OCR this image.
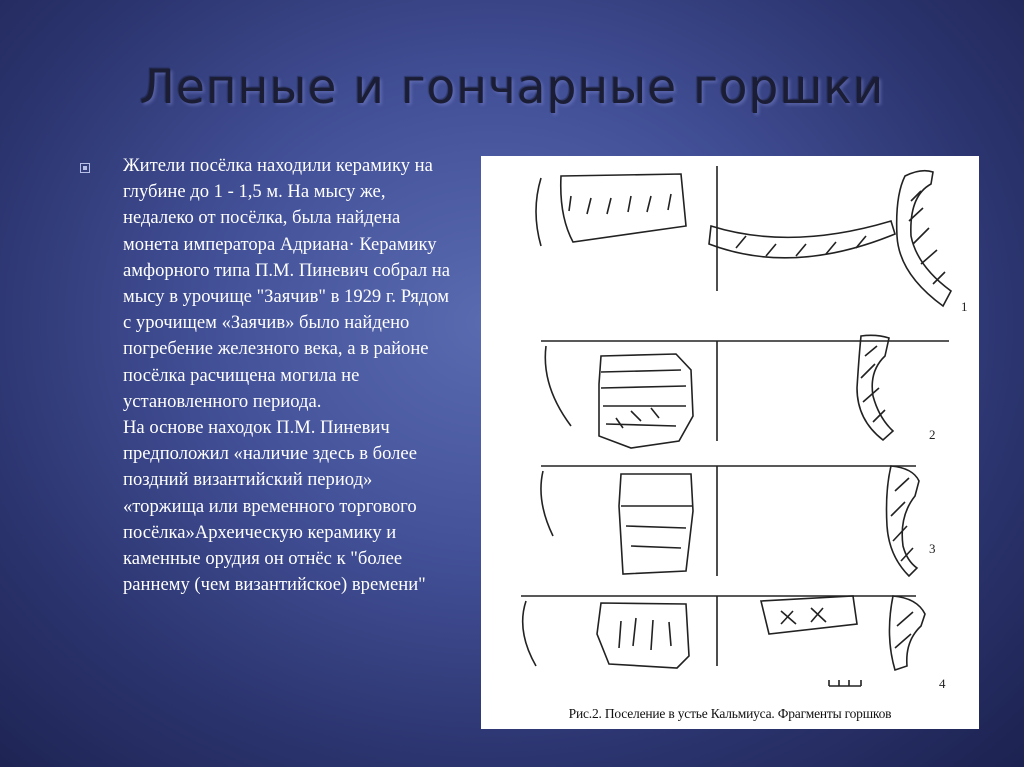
Лепные и гончарные горшки
Жители посёлка находили керамику на глубине до 1 - 1,5 м. На мысу же, недалеко от посёлка, была найдена монета императора Адриана· Керамику амфорного типа П.М. Пиневич собрал на мысу в урочище "Заячив" в 1929 г. Рядом с урочищем «Заячив» было найдено погребение железного века, а в районе посёлка расчищена могила не установленного периода.
На основе находок П.М. Пиневич предположил «наличие здесь в более поздний византийский период» «торжища или временного торгового посёлка»Археическую керамику и каменные орудия он отнёс к "более раннему (чем византийское) времени"
1
2
3
4
Рис.2. Поселение в устье Кальмиуса. Фрагменты горшков
